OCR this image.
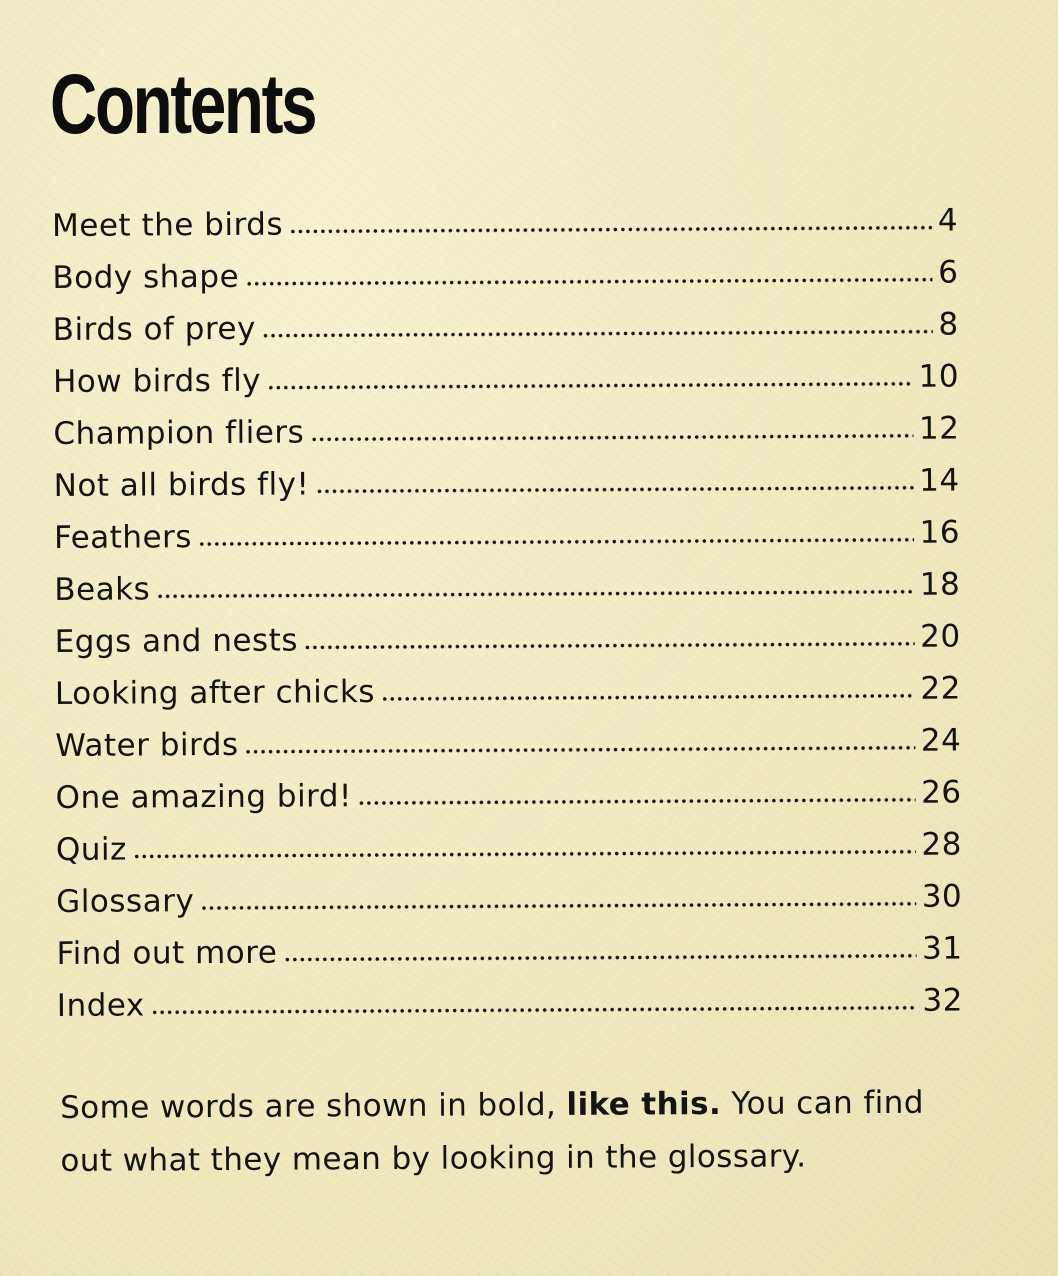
Contents
Meet the birds	4
Body shape	6
Birds of prey	8
How birds fly	10
Champion fliers	12
Not all birds fly!	14
Feathers	16
Beaks	18
Eggs and nests	20
Looking after chicks	22
Water birds	24
One amazing bird!	26
Quiz	28
Glossary	30
Find out more	31
Index	32

Some words are shown in bold, like this. You can find out what they mean by looking in the glossary.
